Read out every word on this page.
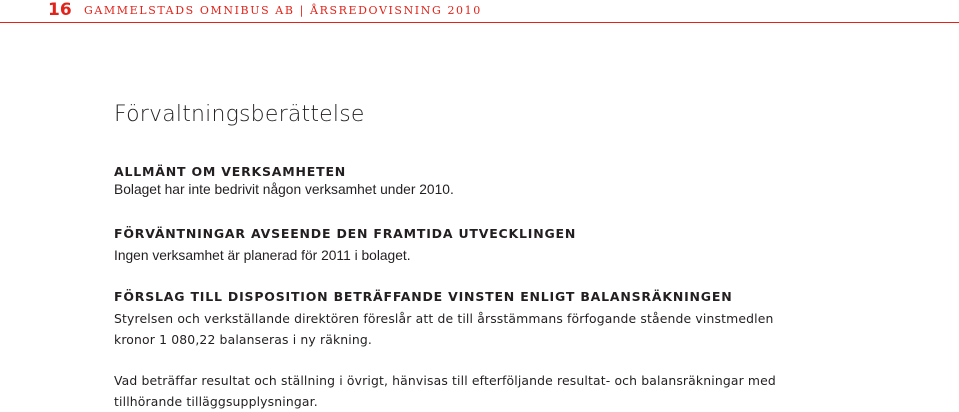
16 GAMMELSTADS OMNIBUS AB | ÅRSREDOVISNING 2010
Förvaltningsberättelse
ALLMÄNT OM VERKSAMHETEN

Bolaget har inte bedrivit någon verksamhet under 2010.

FÖRVÄNTNINGAR AVSEENDE DEN FRAMTIDA UTVECKLINGEN

Ingen verksamhet är planerad för 2011 i bolaget.

FÖRSLAG TILL DISPOSITION BETRÄFFANDE VINSTEN ENLIGT BALANSRÄKNINGEN

Styrelsen och verkställande direktören föreslår att de till årsstämmans förfogande stående vinstmedlen
kronor 1 080,22 balanseras i ny räkning.

Vad beträffar resultat och ställning i övrigt, hänvisas till efterföljande resultat- och balansräkningar med
tillhörande tilläggsupplysningar.
